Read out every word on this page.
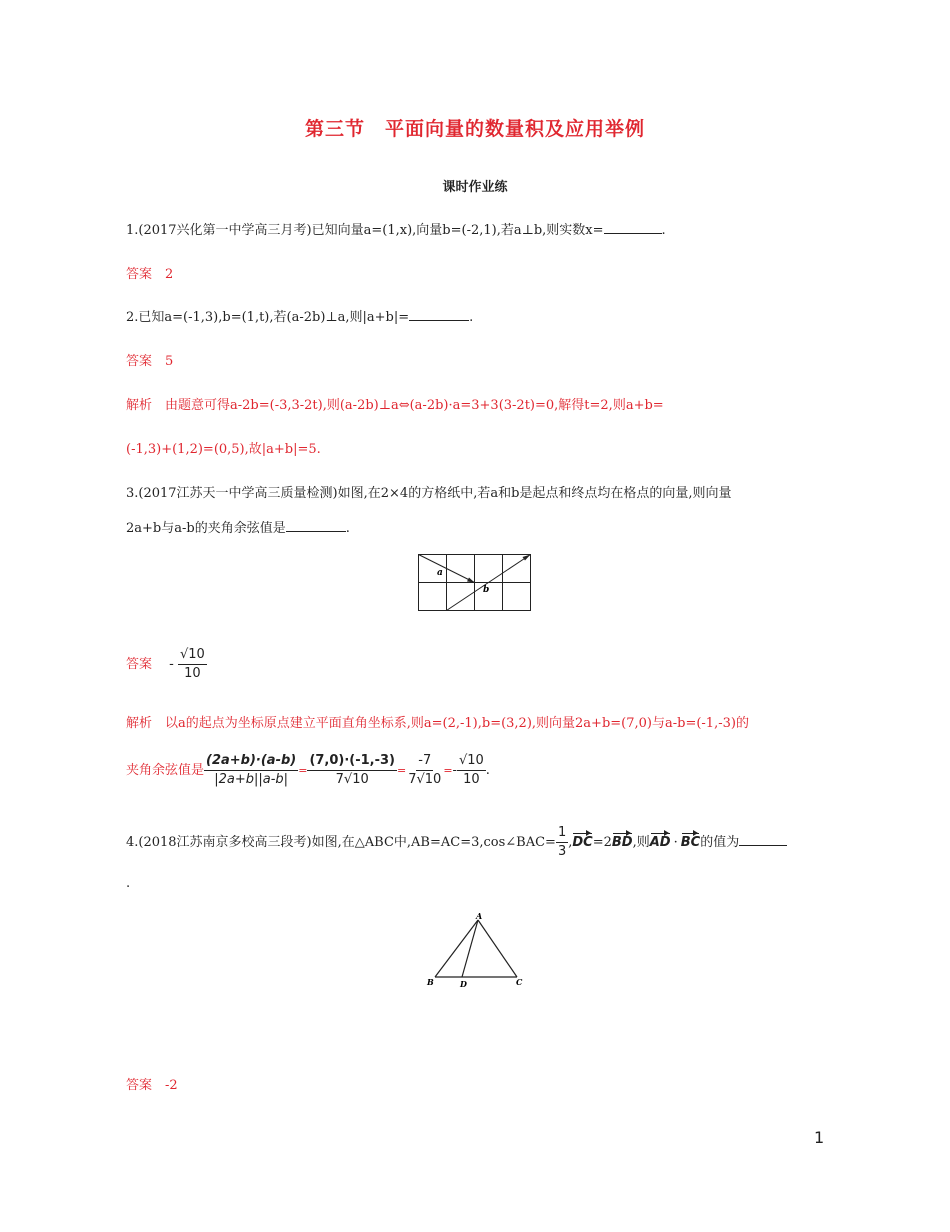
第三节　平面向量的数量积及应用举例
课时作业练
1.(2017兴化第一中学高三月考)已知向量a=(1,x),向量b=(-2,1),若a⊥b,则实数x=	.
答案　2
2.已知a=(-1,3),b=(1,t),若(a-2b)⊥a,则|a+b|=	.
答案　5
解析　由题意可得a-2b=(-3,3-2t),则(a-2b)⊥a⇔(a-2b)·a=3+3(3-2t)=0,解得t=2,则a+b=
(-1,3)+(1,2)=(0,5),故|a+b|=5.
3.(2017江苏天一中学高三质量检测)如图,在2×4的方格纸中,若a和b是起点和终点均在格点的向量,则向量
2a+b与a-b的夹角余弦值是	.
a
b
答案　 - $\frac{√10}{10}$
解析　以a的起点为坐标原点建立平面直角坐标系,则a=(2,-1),b=(3,2),则向量2a+b=(7,0)与a-b=(-1,-3)的
夹角余弦值是 $\frac{(2a+b)\cdot(a-b)}{|2a+b||a-b|} = \frac{(7,0)\cdot(-1,-3)}{7√10} = \frac{-7}{7√10} =- \frac{√10}{10}$ .
4.(2018江苏南京多校高三段考)如图,在△ABC中,AB=AC=3,cos∠BAC= $\frac{1}{3} ,DC=2BD$,则AD · BC的值为
.
A
B	C
D
答案　-2
1
